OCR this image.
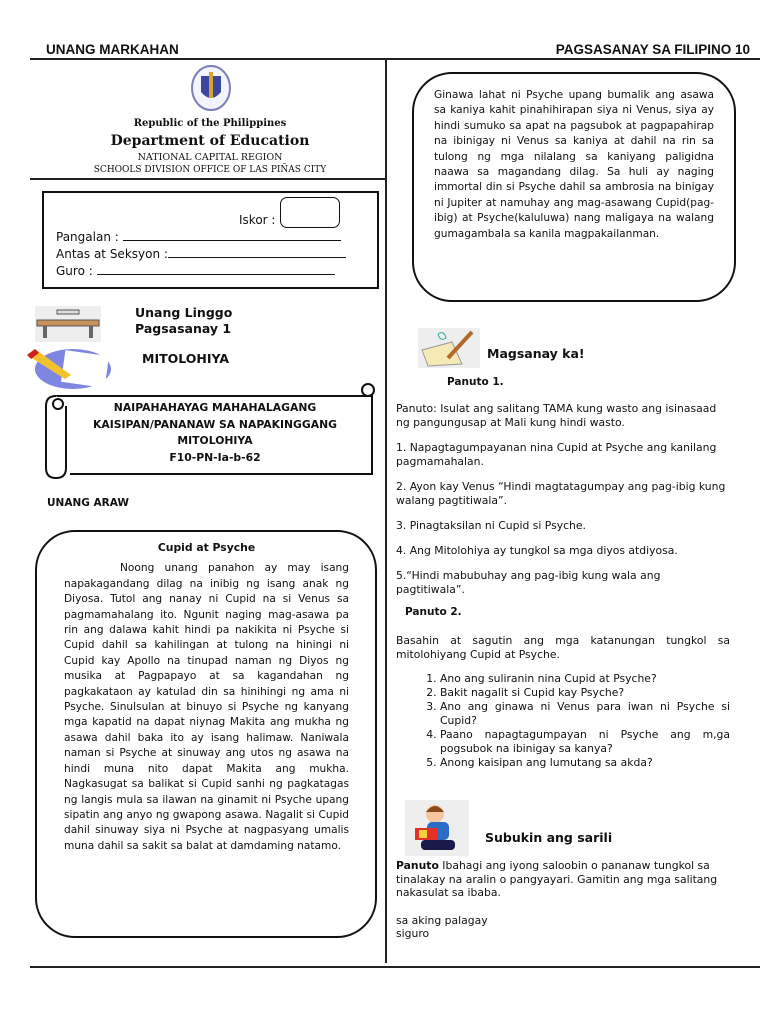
UNANG MARKAHAN	PAGSASANAY SA FILIPINO 10
Republic of the Philippines
Department of Education
NATIONAL CAPITAL REGION
SCHOOLS DIVISION OFFICE OF LAS PIÑAS CITY
Iskor :
Pangalan :
Antas at Seksyon :
Guro :
Unang Linggo
Pagsasanay 1
MITOLOHIYA
NAIPAHAHAYAG MAHAHALAGANG
KAISIPAN/PANANAW SA NAPAKINGGANG
MITOLOHIYA
F10-PN-Ia-b-62
UNANG ARAW
Cupid at Psyche

Noong unang panahon ay may isang napakagandang dilag na inibig ng isang anak ng Diyosa. Tutol ang nanay ni Cupid na si Venus sa pagmamahalang ito. Ngunit naging mag-asawa pa rin ang dalawa kahit hindi pa nakikita ni Psyche si Cupid dahil sa kahilingan at tulong na hiningi ni Cupid kay Apollo na tinupad naman ng Diyos ng musika at Pagpapayo at sa kagandahan ng pagkakataon ay katulad din sa hinihingi ng ama ni Psyche. Sinulsulan at binuyo si Psyche ng kanyang mga kapatid na dapat niynag Makita ang mukha ng asawa dahil baka ito ay isang halimaw. Naniwala naman si Psyche at sinuway ang utos ng asawa na hindi muna nito dapat Makita ang mukha. Nagkasugat sa balikat si Cupid sanhi ng pagkatagas ng langis mula sa ilawan na ginamit ni Psyche upang sipatin ang anyo ng gwapong asawa. Nagalit si Cupid dahil sinuway siya ni Psyche at nagpasyang umalis muna dahil sa sakit sa balat at damdaming natamo.

Ginawa lahat ni Psyche upang bumalik ang asawa sa kaniya kahit pinahihirapan siya ni Venus, siya ay hindi sumuko sa apat na pagsubok at pagpapahirap na ibinigay ni Venus sa kaniya at dahil na rin sa tulong ng mga nilalang sa kaniyang paligidna naawa sa magandang dilag. Sa huli ay naging immortal din si Psyche dahil sa ambrosia na binigay ni Jupiter at namuhay ang mag-asawang Cupid(pag-ibig) at Psyche(kaluluwa) nang maligaya na walang gumagambala sa kanila magpakailanman.

Magsanay ka!
Panuto 1.

Panuto: Isulat ang salitang TAMA kung wasto ang isinasaad ng pangungusap at Mali kung hindi wasto.

1. Napagtagumpayanan nina Cupid at Psyche ang kanilang pagmamahalan.

2. Ayon kay Venus “Hindi magtatagumpay ang pag-ibig kung walang pagtitiwala”.

3. Pinagtaksilan ni Cupid si Psyche.

4. Ang Mitolohiya ay tungkol sa mga diyos atdiyosa.

5.“Hindi mabubuhay ang pag-ibig kung wala ang pagtitiwala”.

Panuto 2.

Basahin at sagutin ang mga katanungan tungkol sa mitolohiyang Cupid at Psyche.

1. Ano ang suliranin nina Cupid at Psyche?
2. Bakit nagalit si Cupid kay Psyche?
3. Ano ang ginawa ni Venus para iwan ni Psyche si Cupid?
4. Paano napagtagumpayan ni Psyche ang m,ga pogsubok na ibinigay sa kanya?
5. Anong kaisipan ang lumutang sa akda?
Subukin ang sarili

Panuto Ibahagi ang iyong saloobin o pananaw tungkol sa tinalakay na aralin o pangyayari. Gamitin ang mga salitang nakasulat sa ibaba.

sa aking palagay

siguro
